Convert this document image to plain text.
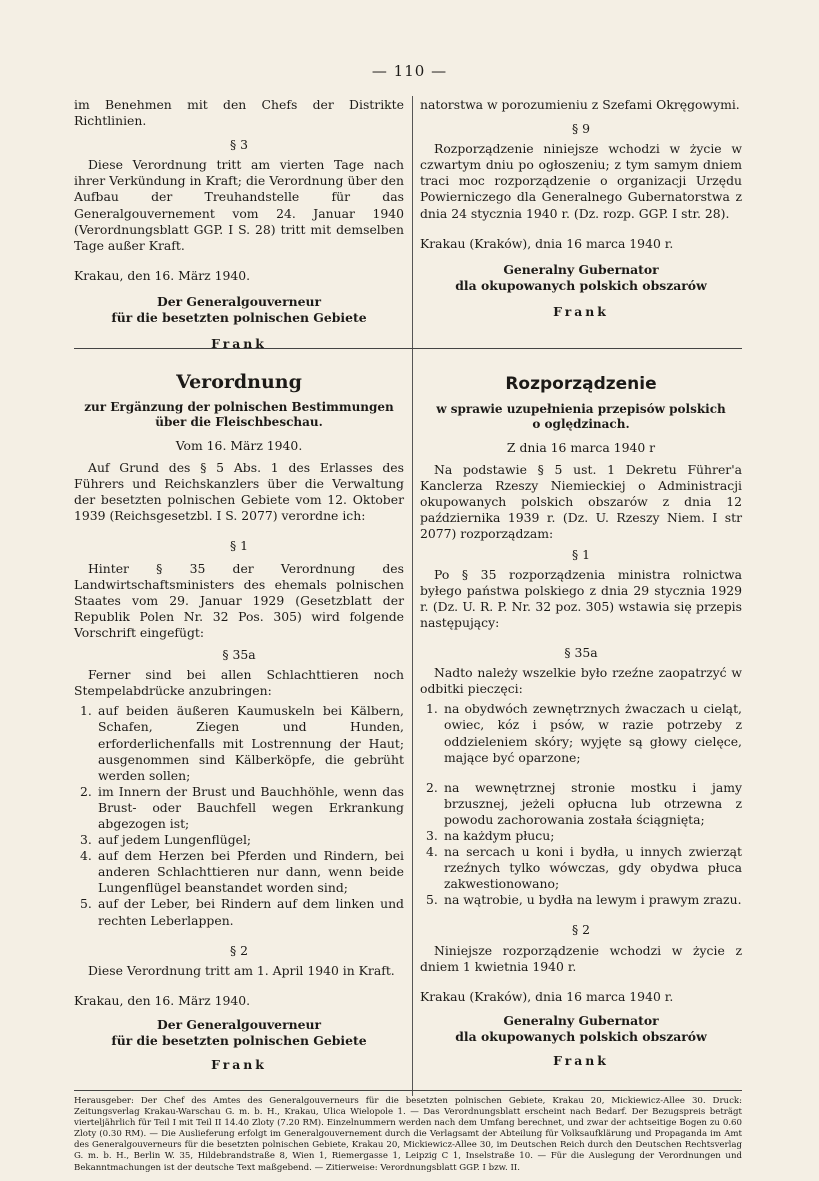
— 110 —

im Benehmen mit den Chefs der Distrikte Richtlinien.

§ 3

Diese Verordnung tritt am vierten Tage nach ihrer Verkündung in Kraft; die Verordnung über den Aufbau der Treuhandstelle für das Generalgouvernement vom 24. Januar 1940 (Verordnungsblatt GGP. I S. 28) tritt mit demselben Tage außer Kraft.

Krakau, den 16. März 1940.

Der Generalgouverneur

für die besetzten polnischen Gebiete

Frank

natorstwa w porozumieniu z Szefami Okręgowymi.

§ 9

Rozporządzenie niniejsze wchodzi w życie w czwartym dniu po ogłoszeniu; z tym samym dniem traci moc rozporządzenie o organizacji Urzędu Powierniczego dla Generalnego Gubernatorstwa z dnia 24 stycznia 1940 r. (Dz. rozp. GGP. I str. 28).

Krakau (Kraków), dnia 16 marca 1940 r.

Generalny Gubernator

dla okupowanych polskich obszarów

Frank

Verordnung

zur Ergänzung der polnischen Bestimmungen

über die Fleischbeschau.

Vom 16. März 1940.

Auf Grund des § 5 Abs. 1 des Erlasses des Führers und Reichskanzlers über die Verwaltung der besetzten polnischen Gebiete vom 12. Oktober 1939 (Reichsgesetzbl. I S. 2077) verordne ich:

§ 1

Hinter § 35 der Verordnung des Landwirtschaftsministers des ehemals polnischen Staates vom 29. Januar 1929 (Gesetzblatt der Republik Polen Nr. 32 Pos. 305) wird folgende Vorschrift eingefügt:

§ 35a

Ferner sind bei allen Schlachttieren noch Stempelabdrücke anzubringen:

1. auf beiden äußeren Kaumuskeln bei Kälbern, Schafen, Ziegen und Hunden, erforderlichenfalls mit Lostrennung der Haut; ausgenommen sind Kälberköpfe, die gebrüht werden sollen;
2. im Innern der Brust und Bauchhöhle, wenn das Brust- oder Bauchfell wegen Erkrankung abgezogen ist;
3. auf jedem Lungenflügel;
4. auf dem Herzen bei Pferden und Rindern, bei anderen Schlachttieren nur dann, wenn beide Lungenflügel beanstandet worden sind;
5. auf der Leber, bei Rindern auf dem linken und rechten Leberlappen.

§ 2

Diese Verordnung tritt am 1. April 1940 in Kraft.

Krakau, den 16. März 1940.

Der Generalgouverneur

für die besetzten polnischen Gebiete

Frank

Rozporządzenie

w sprawie uzupełnienia przepisów polskich

o oględzinach.

Z dnia 16 marca 1940 r

Na podstawie § 5 ust. 1 Dekretu Führer'a Kanclerza Rzeszy Niemieckiej o Administracji okupowanych polskich obszarów z dnia 12 października 1939 r. (Dz. U. Rzeszy Niem. I str 2077) rozporządzam:

§ 1

Po § 35 rozporządzenia ministra rolnictwa byłego państwa polskiego z dnia 29 stycznia 1929 r. (Dz. U. R. P. Nr. 32 poz. 305) wstawia się przepis następujący:

§ 35a

Nadto należy wszelkie było rzeźne zaopatrzyć w odbitki pieczęci:

1. na obydwóch zewnętrznych żwaczach u cieląt, owiec, kóz i psów, w razie potrzeby z oddzieleniem skóry; wyjęte są głowy cielęce, mające być oparzone;
2. na wewnętrznej stronie mostku i jamy brzusznej, jeżeli opłucna lub otrzewna z powodu zachorowania została ściągnięta;
3. na każdym płucu;
4. na sercach u koni i bydła, u innych zwierząt rzeźnych tylko wówczas, gdy obydwa płuca zakwestionowano;
5. na wątrobie, u bydła na lewym i prawym zrazu.

§ 2

Niniejsze rozporządzenie wchodzi w życie z dniem 1 kwietnia 1940 r.

Krakau (Kraków), dnia 16 marca 1940 r.

Generalny Gubernator

dla okupowanych polskich obszarów

Frank

Herausgeber: Der Chef des Amtes des Generalgouverneurs für die besetzten polnischen Gebiete, Krakau 20, Mickiewicz-Allee 30. Druck: Zeitungsverlag Krakau-Warschau G. m. b. H., Krakau, Ulica Wielopole 1. — Das Verordnungsblatt erscheint nach Bedarf. Der Bezugspreis beträgt vierteljährlich für Teil I mit Teil II 14.40 Zloty (7.20 RM). Einzelnummern werden nach dem Umfang berechnet, und zwar der achtseitige Bogen zu 0.60 Zloty (0.30 RM). — Die Auslieferung erfolgt im Generalgouvernement durch die Verlagsamt der Abteilung für Volksaufklärung und Propaganda im Amt des Generalgouverneurs für die besetzten polnischen Gebiete, Krakau 20, Mickiewicz-Allee 30, im Deutschen Reich durch den Deutschen Rechtsverlag G. m. b. H., Berlin W. 35, Hildebrandstraße 8, Wien 1, Riemergasse 1, Leipzig C 1, Inselstraße 10. — Für die Auslegung der Verordnungen und Bekanntmachungen ist der deutsche Text maßgebend. — Zitierweise: Verordnungsblatt GGP. I bzw. II.
